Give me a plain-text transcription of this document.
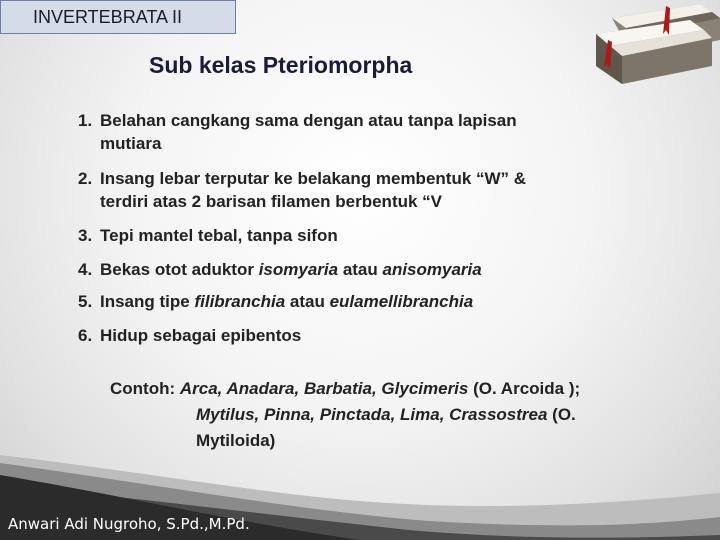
INVERTEBRATA II
Sub kelas Pteriomorpha
1. Belahan cangkang sama dengan atau tanpa lapisan
mutiara
2. Insang lebar terputar ke belakang membentuk “W” &
terdiri atas 2 barisan filamen berbentuk “V
3. Tepi mantel tebal, tanpa sifon
4. Bekas otot aduktor isomyaria atau anisomyaria
5. Insang tipe filibranchia atau eulamellibranchia
6. Hidup sebagai epibentos
Contoh: Arca, Anadara, Barbatia, Glycimeris (O. Arcoida );
Mytilus, Pinna, Pinctada, Lima, Crassostrea (O.
Mytiloida)
Anwari Adi Nugroho, S.Pd.,M.Pd.
